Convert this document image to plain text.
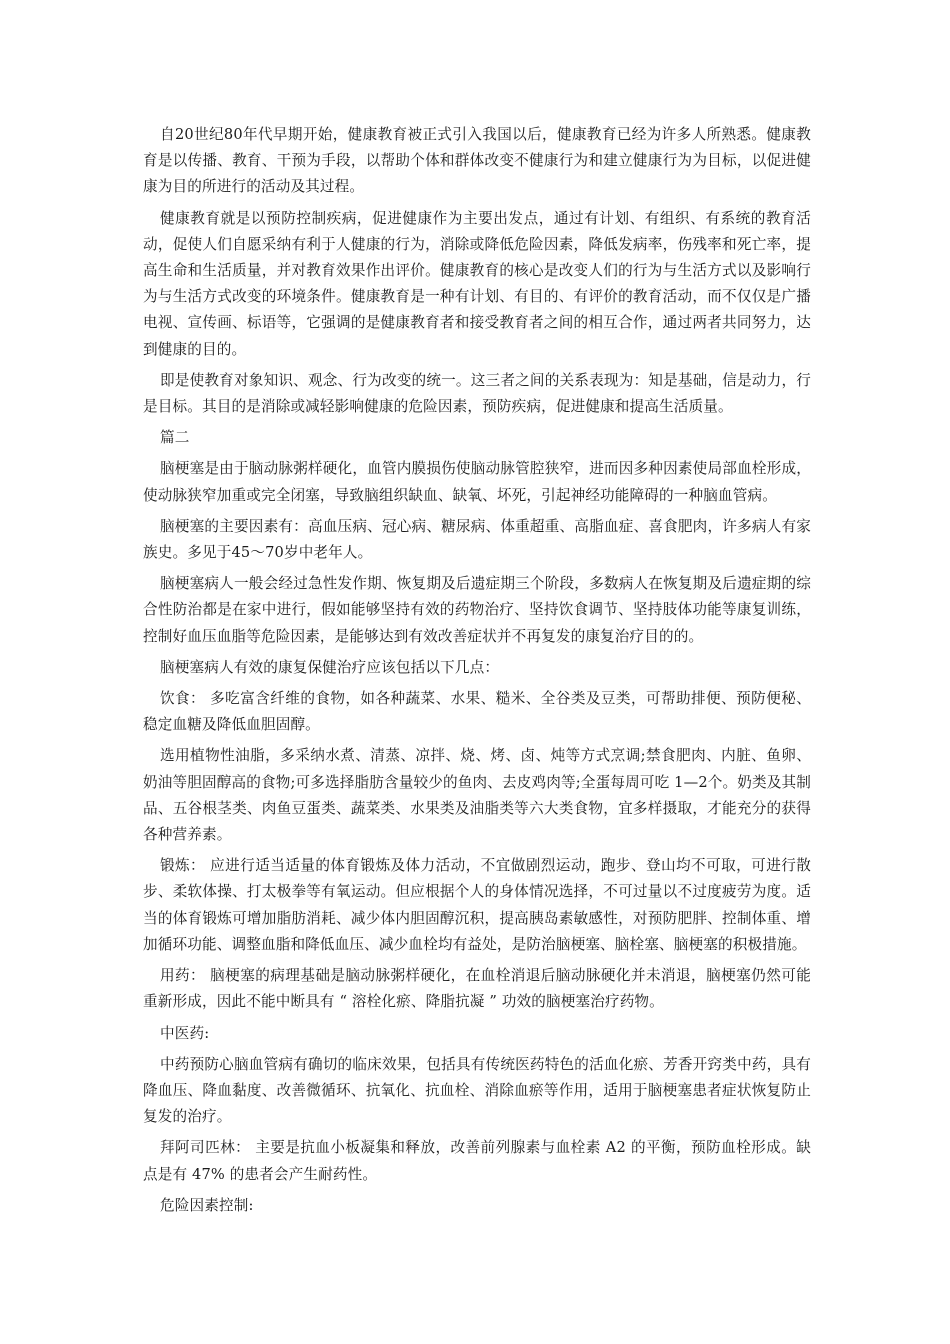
自20世纪80年代早期开始，健康教育被正式引入我国以后，健康教育已经为许多人所熟悉。健康教育是以传播、教育、干预为手段，以帮助个体和群体改变不健康行为和建立健康行为为目标，以促进健康为目的所进行的活动及其过程。

健康教育就是以预防控制疾病，促进健康作为主要出发点，通过有计划、有组织、有系统的教育活动，促使人们自愿采纳有利于人健康的行为，消除或降低危险因素，降低发病率，伤残率和死亡率，提高生命和生活质量，并对教育效果作出评价。健康教育的核心是改变人们的行为与生活方式以及影响行为与生活方式改变的环境条件。健康教育是一种有计划、有目的、有评价的教育活动，而不仅仅是广播电视、宣传画、标语等，它强调的是健康教育者和接受教育者之间的相互合作，通过两者共同努力，达到健康的目的。

即是使教育对象知识、观念、行为改变的统一。这三者之间的关系表现为：知是基础，信是动力，行是目标。其目的是消除或减轻影响健康的危险因素，预防疾病，促进健康和提高生活质量。

篇二

脑梗塞是由于脑动脉粥样硬化，血管内膜损伤使脑动脉管腔狭窄，进而因多种因素使局部血栓形成，使动脉狭窄加重或完全闭塞，导致脑组织缺血、缺氧、坏死，引起神经功能障碍的一种脑血管病。

脑梗塞的主要因素有：高血压病、冠心病、糖尿病、体重超重、高脂血症、喜食肥肉，许多病人有家族史。多见于45～70岁中老年人。

脑梗塞病人一般会经过急性发作期、恢复期及后遗症期三个阶段，多数病人在恢复期及后遗症期的综合性防治都是在家中进行，假如能够坚持有效的药物治疗、坚持饮食调节、坚持肢体功能等康复训练，控制好血压血脂等危险因素，是能够达到有效改善症状并不再复发的康复治疗目的的。

脑梗塞病人有效的康复保健治疗应该包括以下几点：

饮食： 多吃富含纤维的食物，如各种蔬菜、水果、糙米、全谷类及豆类，可帮助排便、预防便秘、稳定血糖及降低血胆固醇。

选用植物性油脂，多采纳水煮、清蒸、凉拌、烧、烤、卤、炖等方式烹调;禁食肥肉、内脏、鱼卵、奶油等胆固醇高的食物;可多选择脂肪含量较少的鱼肉、去皮鸡肉等;全蛋每周可吃 1—2个。奶类及其制品、五谷根茎类、肉鱼豆蛋类、蔬菜类、水果类及油脂类等六大类食物，宜多样摄取，才能充分的获得各种营养素。

锻炼： 应进行适当适量的体育锻炼及体力活动，不宜做剧烈运动，跑步、登山均不可取，可进行散步、柔软体操、打太极拳等有氧运动。但应根据个人的身体情况选择，不可过量以不过度疲劳为度。适当的体育锻炼可增加脂肪消耗、减少体内胆固醇沉积，提高胰岛素敏感性，对预防肥胖、控制体重、增加循环功能、调整血脂和降低血压、减少血栓均有益处，是防治脑梗塞、脑栓塞、脑梗塞的积极措施。

用药： 脑梗塞的病理基础是脑动脉粥样硬化，在血栓消退后脑动脉硬化并未消退，脑梗塞仍然可能重新形成，因此不能中断具有 “ 溶栓化瘀、降脂抗凝 ” 功效的脑梗塞治疗药物。

中医药:

中药预防心脑血管病有确切的临床效果，包括具有传统医药特色的活血化瘀、芳香开窍类中药，具有降血压、降血黏度、改善微循环、抗氧化、抗血栓、消除血瘀等作用，适用于脑梗塞患者症状恢复防止复发的治疗。

拜阿司匹林： 主要是抗血小板凝集和释放，改善前列腺素与血栓素 A2 的平衡，预防血栓形成。缺点是有 47% 的患者会产生耐药性。

危险因素控制:
